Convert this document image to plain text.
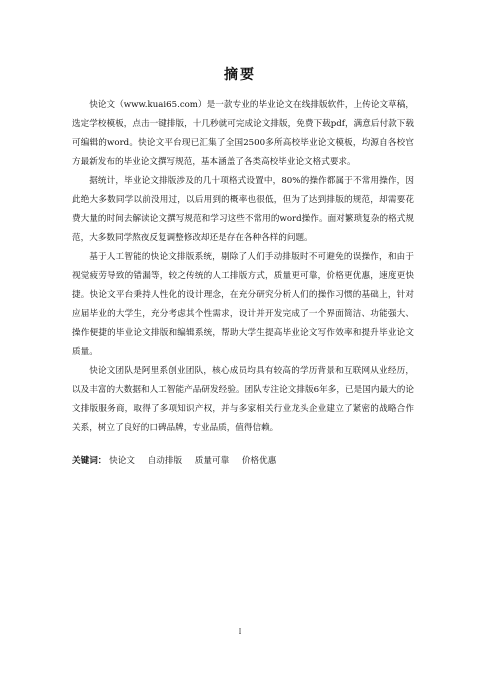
摘要

快论文（www.kuai65.com）是一款专业的毕业论文在线排版软件，上传论文草稿，选定学校模板，点击一键排版，十几秒就可完成论文排版，免费下载pdf，满意后付款下载可编辑的word。快论文平台现已汇集了全国2500多所高校毕业论文模板，均源自各校官方最新发布的毕业论文撰写规范，基本涵盖了各类高校毕业论文格式要求。

据统计，毕业论文排版涉及的几十项格式设置中，80%的操作都属于不常用操作，因此绝大多数同学以前没用过，以后用到的概率也很低，但为了达到排版的规范，却需要花费大量的时间去解读论文撰写规范和学习这些不常用的word操作。面对繁琐复杂的格式规范，大多数同学熬夜反复调整修改却还是存在各种各样的问题。

基于人工智能的快论文排版系统，剔除了人们手动排版时不可避免的误操作，和由于视觉疲劳导致的错漏等，较之传统的人工排版方式，质量更可靠，价格更优惠，速度更快捷。快论文平台秉持人性化的设计理念，在充分研究分析人们的操作习惯的基础上，针对应届毕业的大学生，充分考虑其个性需求，设计并开发完成了一个界面简洁、功能强大、操作便捷的毕业论文排版和编辑系统，帮助大学生提高毕业论文写作效率和提升毕业论文质量。

快论文团队是阿里系创业团队，核心成员均具有较高的学历背景和互联网从业经历，以及丰富的大数据和人工智能产品研发经验。团队专注论文排版6年多，已是国内最大的论文排版服务商，取得了多项知识产权，并与多家相关行业龙头企业建立了紧密的战略合作关系，树立了良好的口碑品牌，专业品质，值得信赖。

关键词： 快论文 自动排版 质量可靠 价格优惠
I
